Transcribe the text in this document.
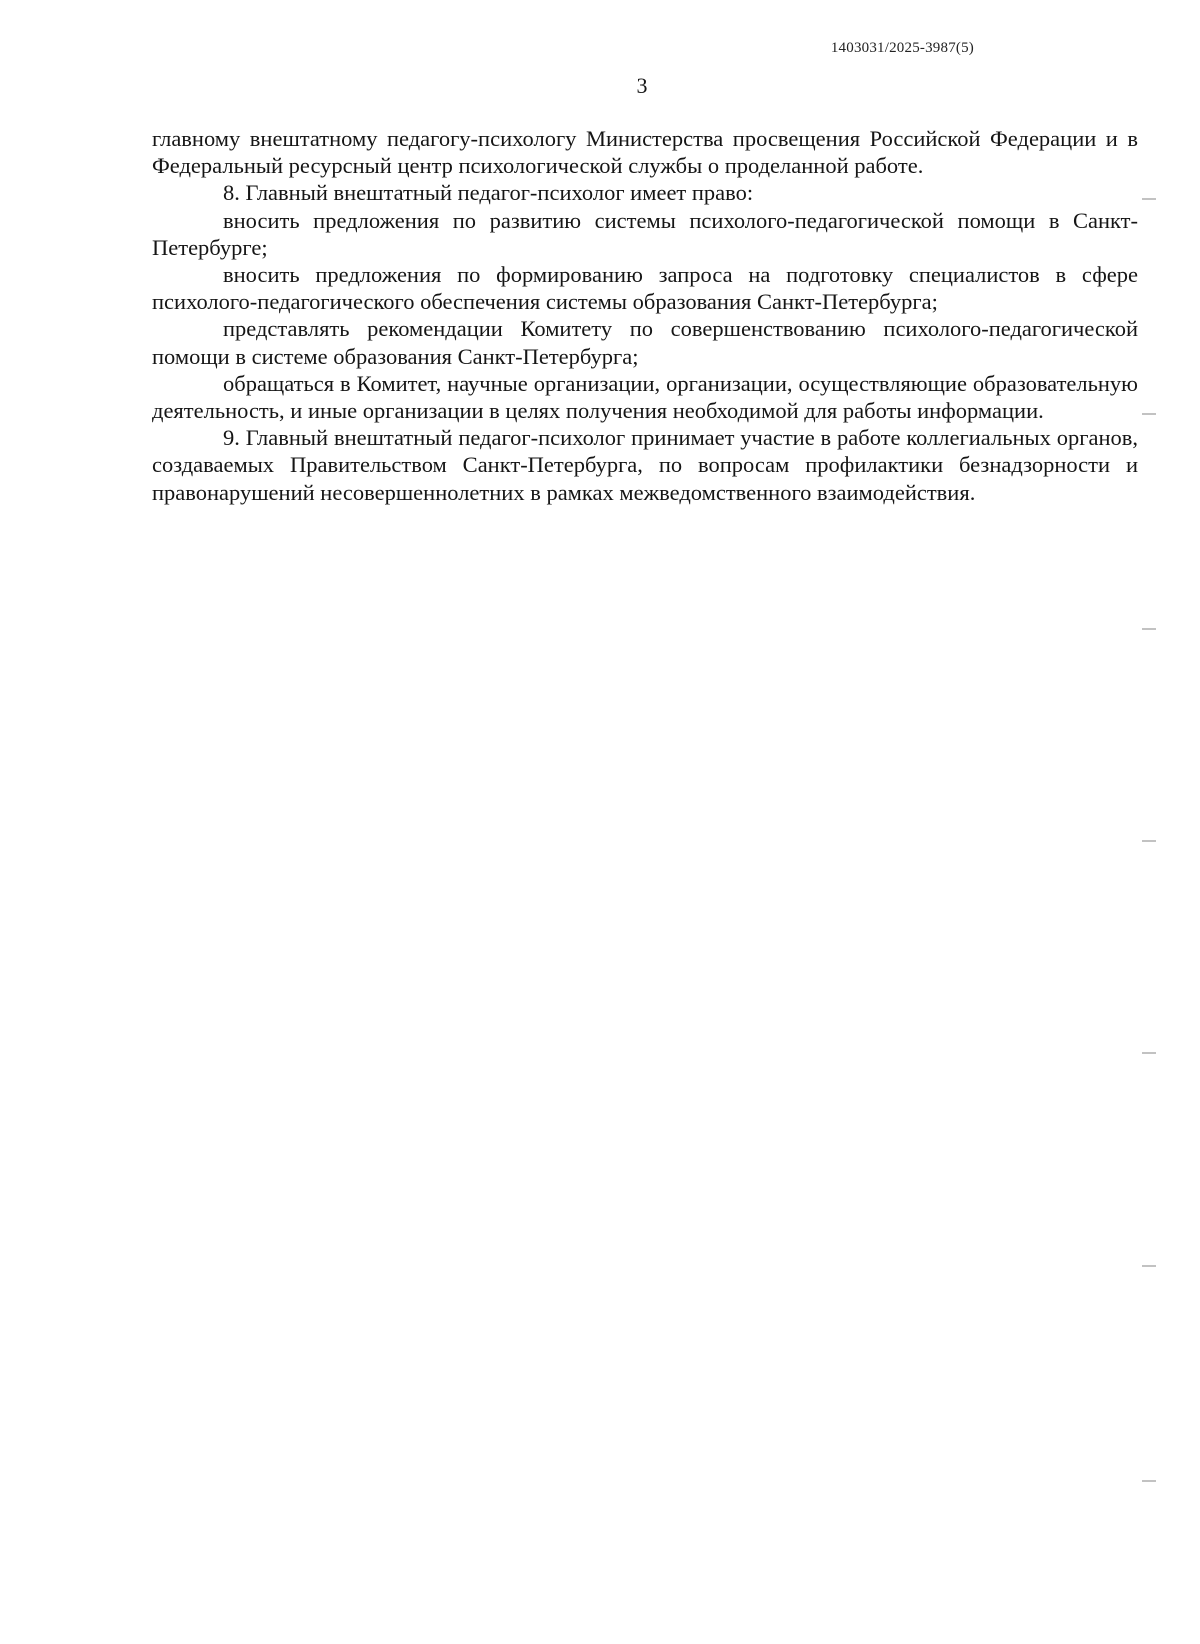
1403031/2025-3987(5)
3

главному внештатному педагогу-психологу Министерства просвещения Российской Федерации и в Федеральный ресурсный центр психологической службы о проделанной работе.

8. Главный внештатный педагог-психолог имеет право:

вносить предложения по развитию системы психолого-педагогической помощи в Санкт-Петербурге;

вносить предложения по формированию запроса на подготовку специалистов в сфере психолого-педагогического обеспечения системы образования Санкт-Петербурга;

представлять рекомендации Комитету по совершенствованию психолого-педагогической помощи в системе образования Санкт-Петербурга;

обращаться в Комитет, научные организации, организации, осуществляющие образовательную деятельность, и иные организации в целях получения необходимой для работы информации.

9. Главный внештатный педагог-психолог принимает участие в работе коллегиальных органов, создаваемых Правительством Санкт-Петербурга, по вопросам профилактики безнадзорности и правонарушений несовершеннолетних в рамках межведомственного взаимодействия.
